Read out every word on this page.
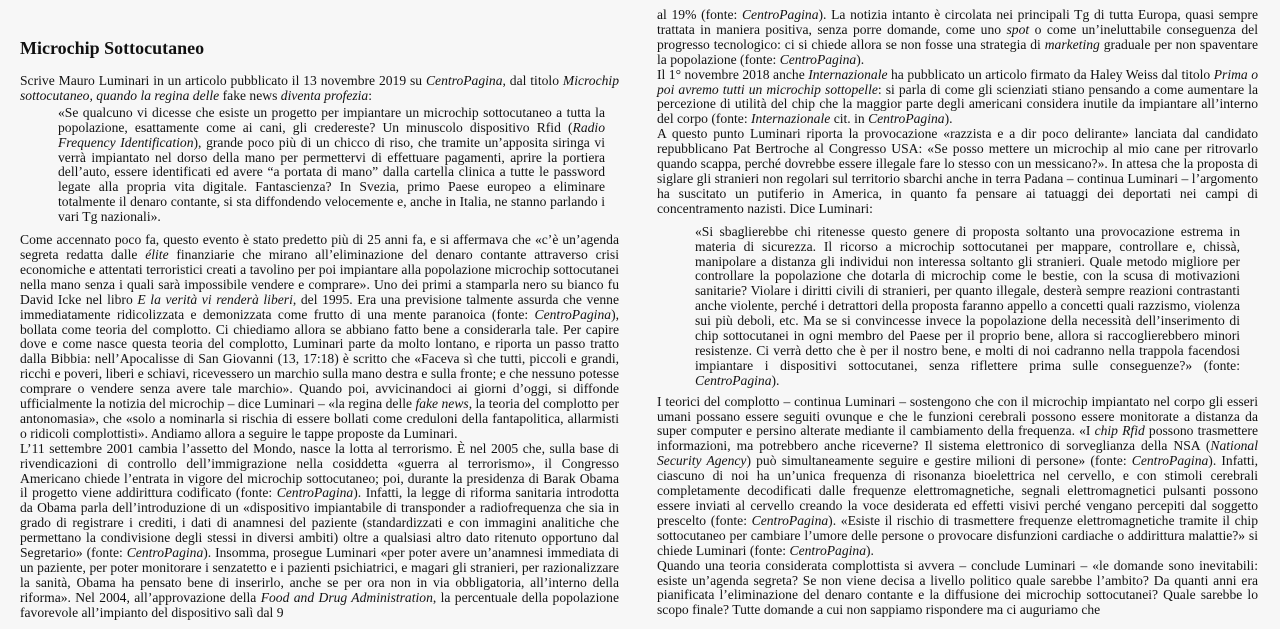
Microchip Sottocutaneo

Scrive Mauro Luminari in un articolo pubblicato il 13 novembre 2019 su CentroPagina, dal titolo Microchip sottocutaneo, quando la regina delle fake news diventa profezia:

«Se qualcuno vi dicesse che esiste un progetto per impiantare un microchip sottocutaneo a tutta la popolazione, esattamente come ai cani, gli credereste? Un minuscolo dispositivo Rfid (Radio Frequency Identification), grande poco più di un chicco di riso, che tramite un’apposita siringa vi verrà impiantato nel dorso della mano per permettervi di effettuare pagamenti, aprire la portiera dell’auto, essere identificati ed avere “a portata di mano” dalla cartella clinica a tutte le password legate alla propria vita digitale. Fantascienza? In Svezia, primo Paese europeo a eliminare totalmente il denaro contante, si sta diffondendo velocemente e, anche in Italia, ne stanno parlando i vari Tg nazionali».

Come accennato poco fa, questo evento è stato predetto più di 25 anni fa, e si affermava che «c’è un’agenda segreta redatta dalle élite finanziarie che mirano all’eliminazione del denaro contante attraverso crisi economiche e attentati terroristici creati a tavolino per poi impiantare alla popolazione microchip sottocutanei nella mano senza i quali sarà impossibile vendere e comprare». Uno dei primi a stamparla nero su bianco fu David Icke nel libro E la verità vi renderà liberi, del 1995. Era una previsione talmente assurda che venne immediatamente ridicolizzata e demonizzata come frutto di una mente paranoica (fonte: CentroPagina), bollata come teoria del complotto. Ci chiediamo allora se abbiano fatto bene a considerarla tale. Per capire dove e come nasce questa teoria del complotto, Luminari parte da molto lontano, e riporta un passo tratto dalla Bibbia: nell’Apocalisse di San Giovanni (13, 17:18) è scritto che «Faceva sì che tutti, piccoli e grandi, ricchi e poveri, liberi e schiavi, ricevessero un marchio sulla mano destra e sulla fronte; e che nessuno potesse comprare o vendere senza avere tale marchio». Quando poi, avvicinandoci ai giorni d’oggi, si diffonde ufficialmente la notizia del microchip – dice Luminari – «la regina delle fake news, la teoria del complotto per antonomasia», che «solo a nominarla si rischia di essere bollati come creduloni della fantapolitica, allarmisti o ridicoli complottisti». Andiamo allora a seguire le tappe proposte da Luminari.

L’11 settembre 2001 cambia l’assetto del Mondo, nasce la lotta al terrorismo. È nel 2005 che, sulla base di rivendicazioni di controllo dell’immigrazione nella cosiddetta «guerra al terrorismo», il Congresso Americano chiede l’entrata in vigore del microchip sottocutaneo; poi, durante la presidenza di Barak Obama il progetto viene addirittura codificato (fonte: CentroPagina). Infatti, la legge di riforma sanitaria introdotta da Obama parla dell’introduzione di un «dispositivo impiantabile di transponder a radiofrequenza che sia in grado di registrare i crediti, i dati di anamnesi del paziente (standardizzati e con immagini analitiche che permettano la condivisione degli stessi in diversi ambiti) oltre a qualsiasi altro dato ritenuto opportuno dal Segretario» (fonte: CentroPagina). Insomma, prosegue Luminari «per poter avere un’anamnesi immediata di un paziente, per poter monitorare i senzatetto e i pazienti psichiatrici, e magari gli stranieri, per razionalizzare la sanità, Obama ha pensato bene di inserirlo, anche se per ora non in via obbligatoria, all’interno della riforma». Nel 2004, all’approvazione della Food and Drug Administration, la percentuale della popolazione favorevole all’impianto del dispositivo salì dal 9

al 19% (fonte: CentroPagina). La notizia intanto è circolata nei principali Tg di tutta Europa, quasi sempre trattata in maniera positiva, senza porre domande, come uno spot o come un’ineluttabile conseguenza del progresso tecnologico: ci si chiede allora se non fosse una strategia di marketing graduale per non spaventare la popolazione (fonte: CentroPagina).

Il 1° novembre 2018 anche Internazionale ha pubblicato un articolo firmato da Haley Weiss dal titolo Prima o poi avremo tutti un microchip sottopelle: si parla di come gli scienziati stiano pensando a come aumentare la percezione di utilità del chip che la maggior parte degli americani considera inutile da impiantare all’interno del corpo (fonte: Internazionale cit. in CentroPagina).

A questo punto Luminari riporta la provocazione «razzista e a dir poco delirante» lanciata dal candidato repubblicano Pat Bertroche al Congresso USA: «Se posso mettere un microchip al mio cane per ritrovarlo quando scappa, perché dovrebbe essere illegale fare lo stesso con un messicano?». In attesa che la proposta di siglare gli stranieri non regolari sul territorio sbarchi anche in terra Padana – continua Luminari – l’argomento ha suscitato un putiferio in America, in quanto fa pensare ai tatuaggi dei deportati nei campi di concentramento nazisti. Dice Luminari:

«Si sbaglierebbe chi ritenesse questo genere di proposta soltanto una provocazione estrema in materia di sicurezza. Il ricorso a microchip sottocutanei per mappare, controllare e, chissà, manipolare a distanza gli individui non interessa soltanto gli stranieri. Quale metodo migliore per controllare la popolazione che dotarla di microchip come le bestie, con la scusa di motivazioni sanitarie? Violare i diritti civili di stranieri, per quanto illegale, desterà sempre reazioni contrastanti anche violente, perché i detrattori della proposta faranno appello a concetti quali razzismo, violenza sui più deboli, etc. Ma se si convincesse invece la popolazione della necessità dell’inserimento di chip sottocutanei in ogni membro del Paese per il proprio bene, allora si raccoglierebbero minori resistenze. Ci verrà detto che è per il nostro bene, e molti di noi cadranno nella trappola facendosi impiantare i dispositivi sottocutanei, senza riflettere prima sulle conseguenze?» (fonte: CentroPagina).

I teorici del complotto – continua Luminari – sostengono che con il microchip impiantato nel corpo gli esseri umani possano essere seguiti ovunque e che le funzioni cerebrali possono essere monitorate a distanza da super computer e persino alterate mediante il cambiamento della frequenza. «I chip Rfid possono trasmettere informazioni, ma potrebbero anche riceverne? Il sistema elettronico di sorveglianza della NSA (National Security Agency) può simultaneamente seguire e gestire milioni di persone» (fonte: CentroPagina). Infatti, ciascuno di noi ha un’unica frequenza di risonanza bioelettrica nel cervello, e con stimoli cerebrali completamente decodificati dalle frequenze elettromagnetiche, segnali elettromagnetici pulsanti possono essere inviati al cervello creando la voce desiderata ed effetti visivi perché vengano percepiti dal soggetto prescelto (fonte: CentroPagina). «Esiste il rischio di trasmettere frequenze elettromagnetiche tramite il chip sottocutaneo per cambiare l’umore delle persone o provocare disfunzioni cardiache o addirittura malattie?» si chiede Luminari (fonte: CentroPagina).

Quando una teoria considerata complottista si avvera – conclude Luminari – «le domande sono inevitabili: esiste un’agenda segreta? Se non viene decisa a livello politico quale sarebbe l’ambito? Da quanti anni era pianificata l’eliminazione del denaro contante e la diffusione dei microchip sottocutanei? Quale sarebbe lo scopo finale? Tutte domande a cui non sappiamo rispondere ma ci auguriamo che
